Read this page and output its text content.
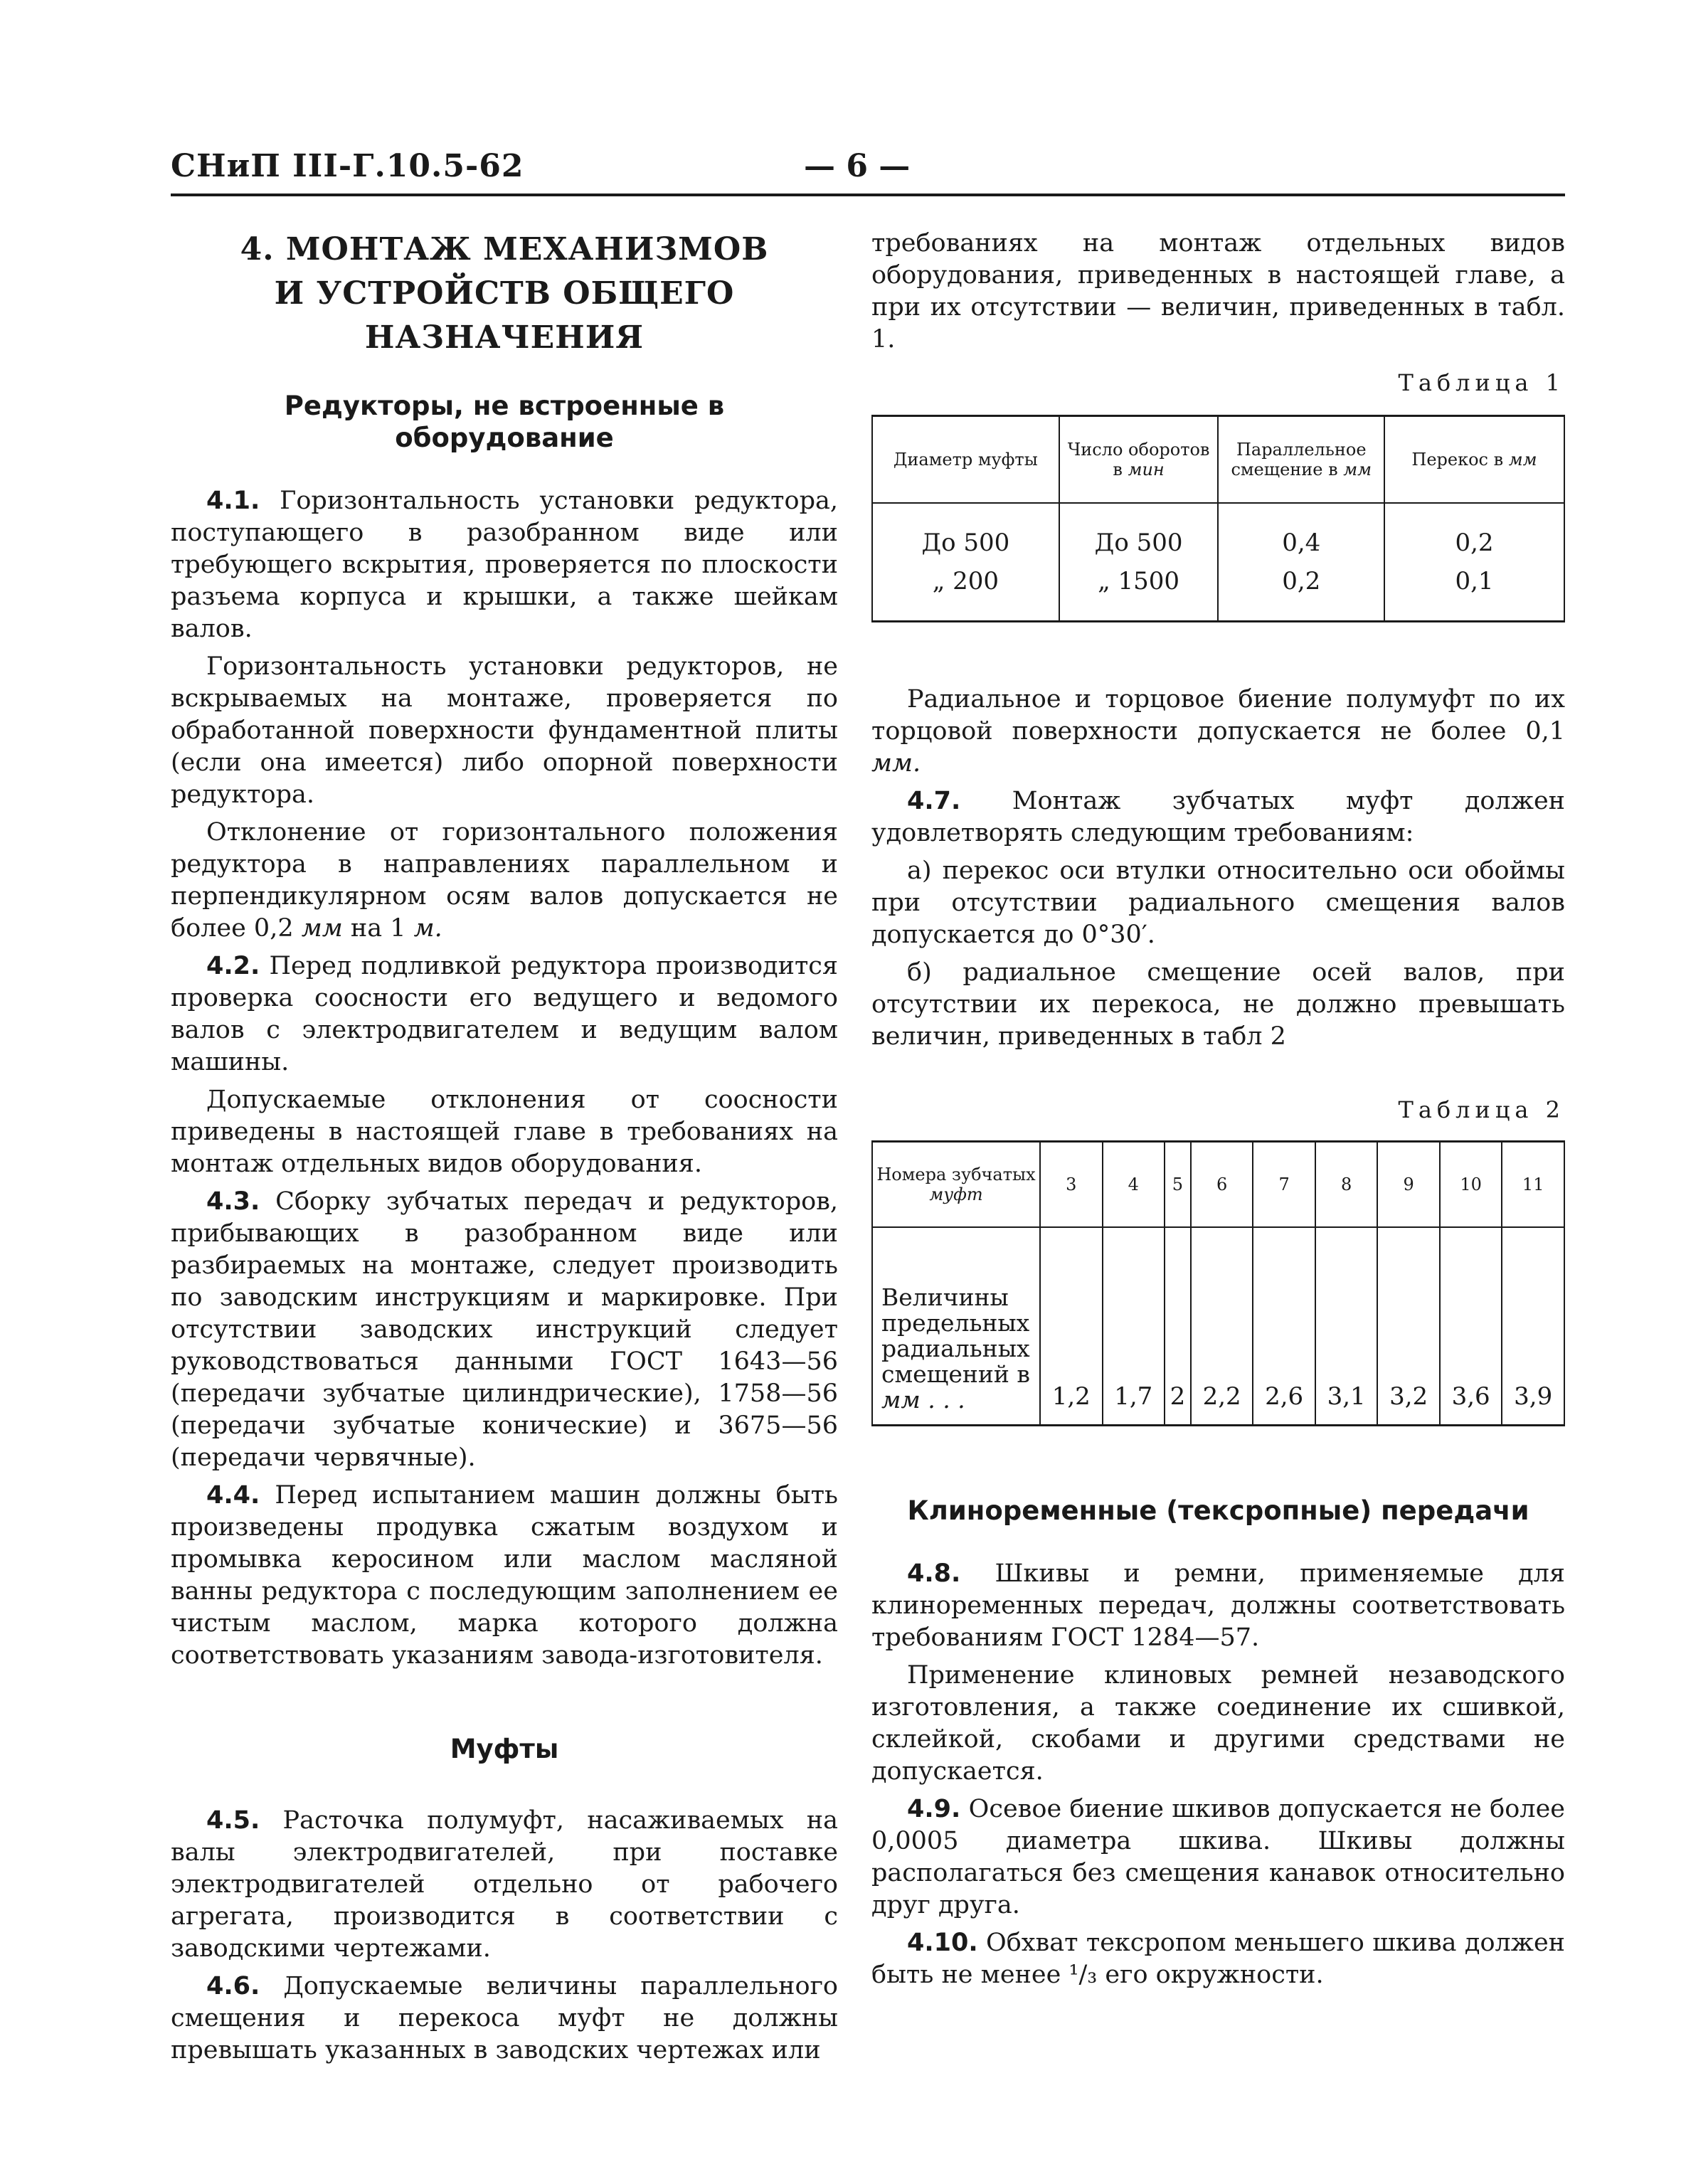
СНиП III-Г.10.5-62	— 6 —

4. МОНТАЖ МЕХАНИЗМОВ

И УСТРОЙСТВ ОБЩЕГО НАЗНАЧЕНИЯ

Редукторы, не встроенные в оборудование

4.1. Горизонтальность установки редуктора, поступающего в разобранном виде или требующего вскрытия, проверяется по плоскости разъема корпуса и крышки, а также шейкам валов.

Горизонтальность установки редукторов, не вскрываемых на монтаже, проверяется по обработанной поверхности фундаментной плиты (если она имеется) либо опорной поверхности редуктора.

Отклонение от горизонтального положения редуктора в направлениях параллельном и перпендикулярном осям валов допускается не более 0,2 мм на 1 м.

4.2. Перед подливкой редуктора производится проверка соосности его ведущего и ведомого валов с электродвигателем и ведущим валом машины.

Допускаемые отклонения от соосности приведены в настоящей главе в требованиях на монтаж отдельных видов оборудования.

4.3. Сборку зубчатых передач и редукторов, прибывающих в разобранном виде или разбираемых на монтаже, следует производить по заводским инструкциям и маркировке. При отсутствии заводских инструкций следует руководствоваться данными ГОСТ 1643—56 (передачи зубчатые цилиндрические), 1758—56 (передачи зубчатые конические) и 3675—56 (передачи червячные).

4.4. Перед испытанием машин должны быть произведены продувка сжатым воздухом и промывка керосином или маслом масляной ванны редуктора с последующим заполнением ее чистым маслом, марка которого должна соответствовать указаниям завода-изготовителя.

Муфты

4.5. Расточка полумуфт, насаживаемых на валы электродвигателей, при поставке электродвигателей отдельно от рабочего агрегата, производится в соответствии с заводскими чертежами.

4.6. Допускаемые величины параллельного смещения и перекоса муфт не должны превышать указанных в заводских чертежах или

требованиях на монтаж отдельных видов оборудования, приведенных в настоящей главе, а при их отсутствии — величин, приведенных в табл. 1.

Таблица 1

Диаметр муфты	Число оборотов в мин	Параллельное смещение в мм	Перекос в мм
До 500	До 500	0,4	0,2
„ 200	„ 1500	0,2	0,1

Радиальное и торцовое биение полумуфт по их торцовой поверхности допускается не более 0,1 мм.

4.7. Монтаж зубчатых муфт должен удовлетворять следующим требованиям:

а) перекос оси втулки относительно оси обоймы при отсутствии радиального смещения валов допускается до 0°30′.

б) радиальное смещение осей валов, при отсутствии их перекоса, не должно превышать величин, приведенных в табл 2

Таблица 2

Номера зубчатых муфт	3	4	5	6	7	8	9	10	11
Величины предельных радиальных смещений в мм . . .	1,2	1,7	2	2,2	2,6	3,1	3,2	3,6	3,9

Клиноременные (тексропные) передачи

4.8. Шкивы и ремни, применяемые для клиноременных передач, должны соответствовать требованиям ГОСТ 1284—57.

Применение клиновых ремней незаводского изготовления, а также соединение их сшивкой, склейкой, скобами и другими средствами не допускается.

4.9. Осевое биение шкивов допускается не более 0,0005 диаметра шкива. Шкивы должны располагаться без смещения канавок относительно друг друга.

4.10. Обхват тексропом меньшего шкива должен быть не менее ¹/₃ его окружности.
